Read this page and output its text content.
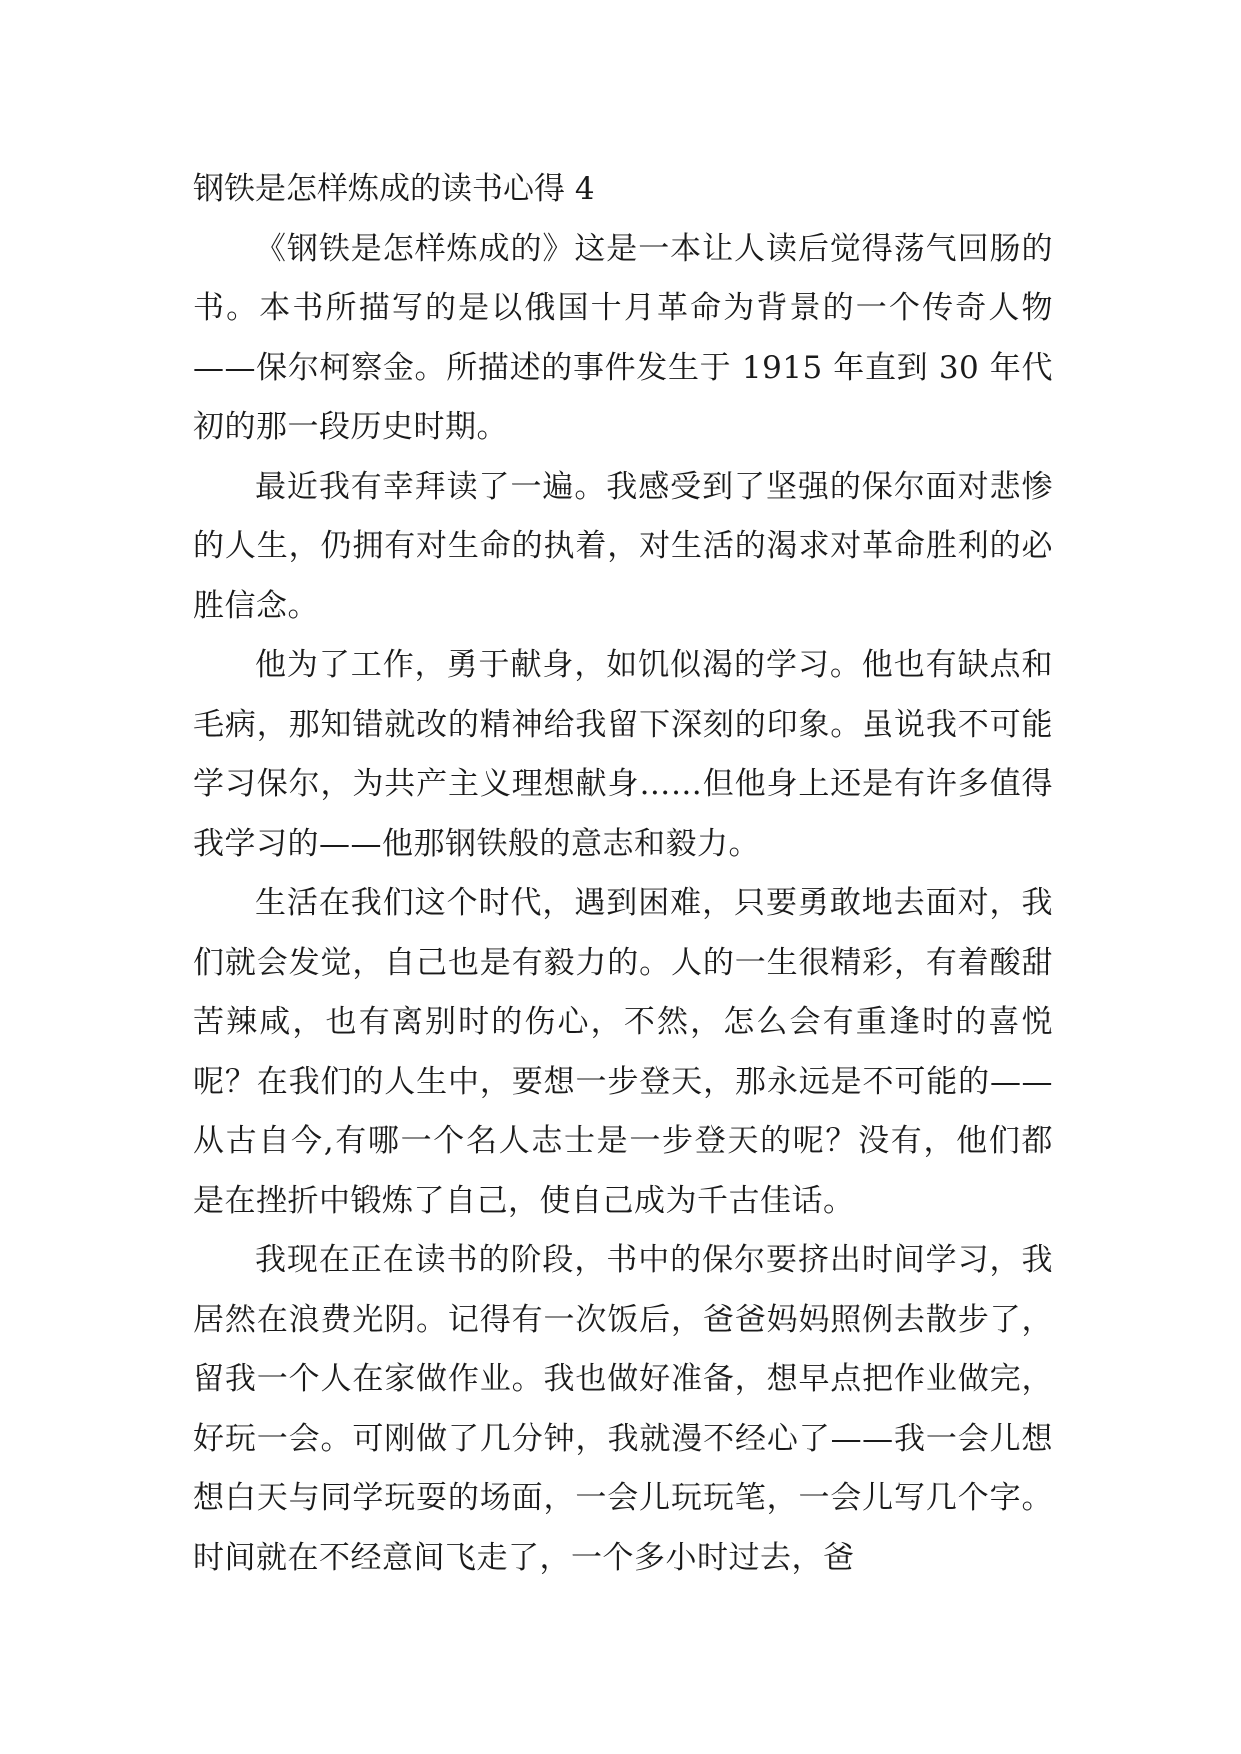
钢铁是怎样炼成的读书心得 4

《钢铁是怎样炼成的》这是一本让人读后觉得荡气回肠的书。本书所描写的是以俄国十月革命为背景的一个传奇人物——保尔柯察金。所描述的事件发生于 1915 年直到 30 年代初的那一段历史时期。

最近我有幸拜读了一遍。我感受到了坚强的保尔面对悲惨的人生，仍拥有对生命的执着，对生活的渴求对革命胜利的必胜信念。

他为了工作，勇于献身，如饥似渴的学习。他也有缺点和毛病，那知错就改的精神给我留下深刻的印象。虽说我不可能学习保尔，为共产主义理想献身……但他身上还是有许多值得我学习的——他那钢铁般的意志和毅力。

生活在我们这个时代，遇到困难，只要勇敢地去面对，我们就会发觉，自己也是有毅力的。人的一生很精彩，有着酸甜苦辣咸，也有离别时的伤心，不然，怎么会有重逢时的喜悦呢？在我们的人生中，要想一步登天，那永远是不可能的——从古自今,有哪一个名人志士是一步登天的呢？没有，他们都是在挫折中锻炼了自己，使自己成为千古佳话。

我现在正在读书的阶段，书中的保尔要挤出时间学习，我居然在浪费光阴。记得有一次饭后，爸爸妈妈照例去散步了，留我一个人在家做作业。我也做好准备，想早点把作业做完，好玩一会。可刚做了几分钟，我就漫不经心了——我一会儿想想白天与同学玩耍的场面，一会儿玩玩笔，一会儿写几个字。时间就在不经意间飞走了，一个多小时过去，爸
